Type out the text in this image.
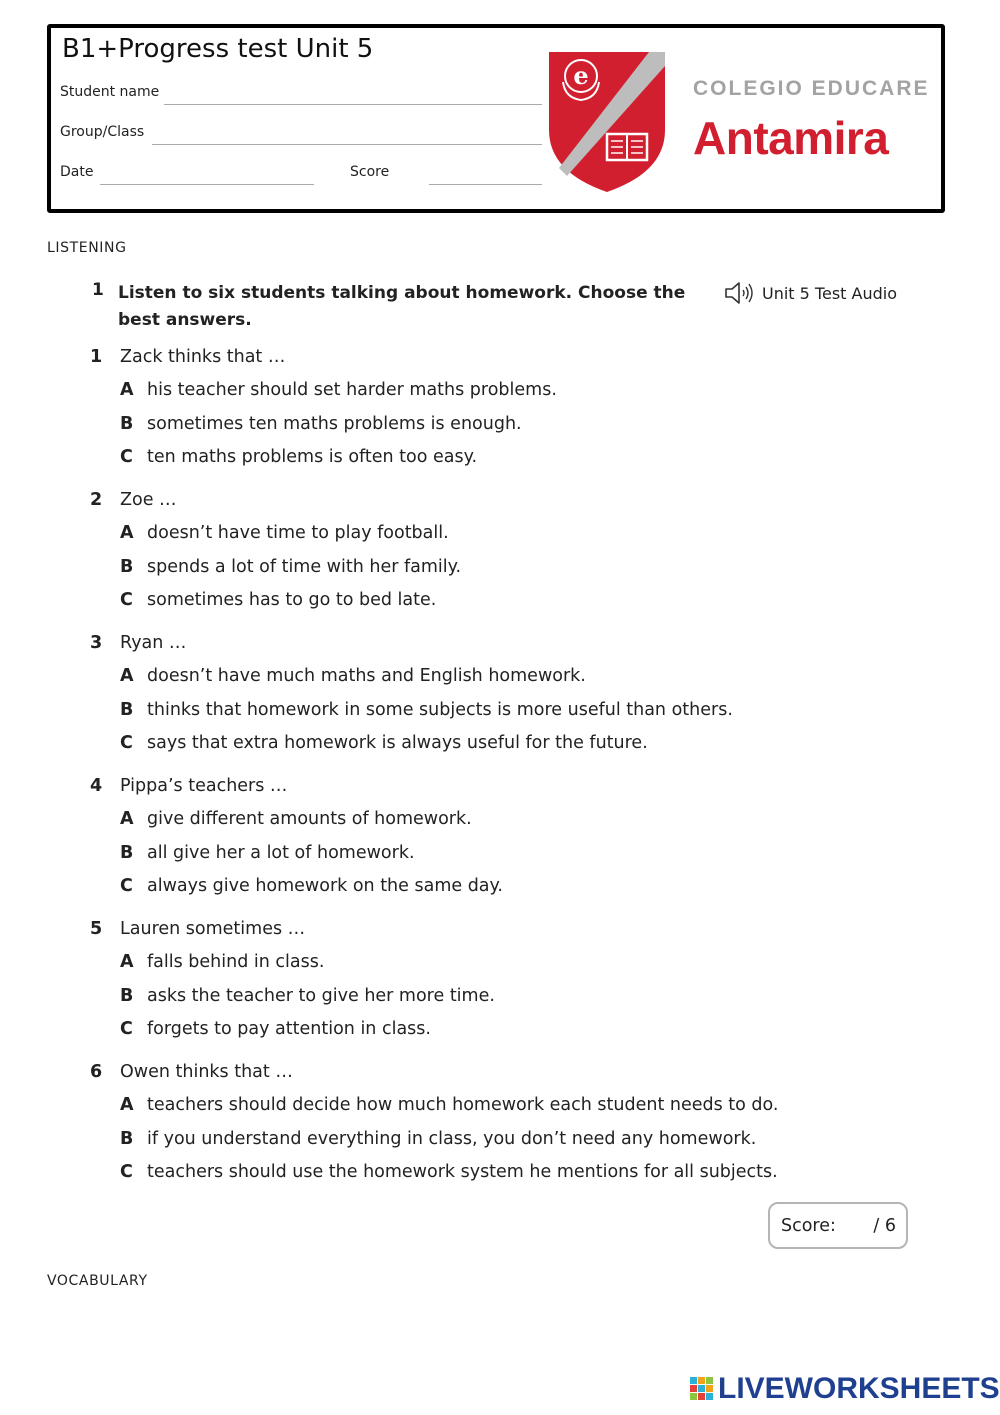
B1+Progress test Unit 5
Student name
Group/Class
Date	Score
e	COLEGIO EDUCARE
Antamira
LISTENING
1 Listen to six students talking about homework. Choose the best answers.
Unit 5 Test Audio
1 Zack thinks that …
A his teacher should set harder maths problems.
B sometimes ten maths problems is enough.
C ten maths problems is often too easy.
2 Zoe …
A doesn’t have time to play football.
B spends a lot of time with her family.
C sometimes has to go to bed late.
3 Ryan …
A doesn’t have much maths and English homework.
B thinks that homework in some subjects is more useful than others.
C says that extra homework is always useful for the future.
4 Pippa’s teachers …
A give different amounts of homework.
B all give her a lot of homework.
C always give homework on the same day.
5 Lauren sometimes …
A falls behind in class.
B asks the teacher to give her more time.
C forgets to pay attention in class.
6 Owen thinks that …
A teachers should decide how much homework each student needs to do.
B if you understand everything in class, you don’t need any homework.
C teachers should use the homework system he mentions for all subjects.
Score: / 6
VOCABULARY
LIVEWORKSHEETS
